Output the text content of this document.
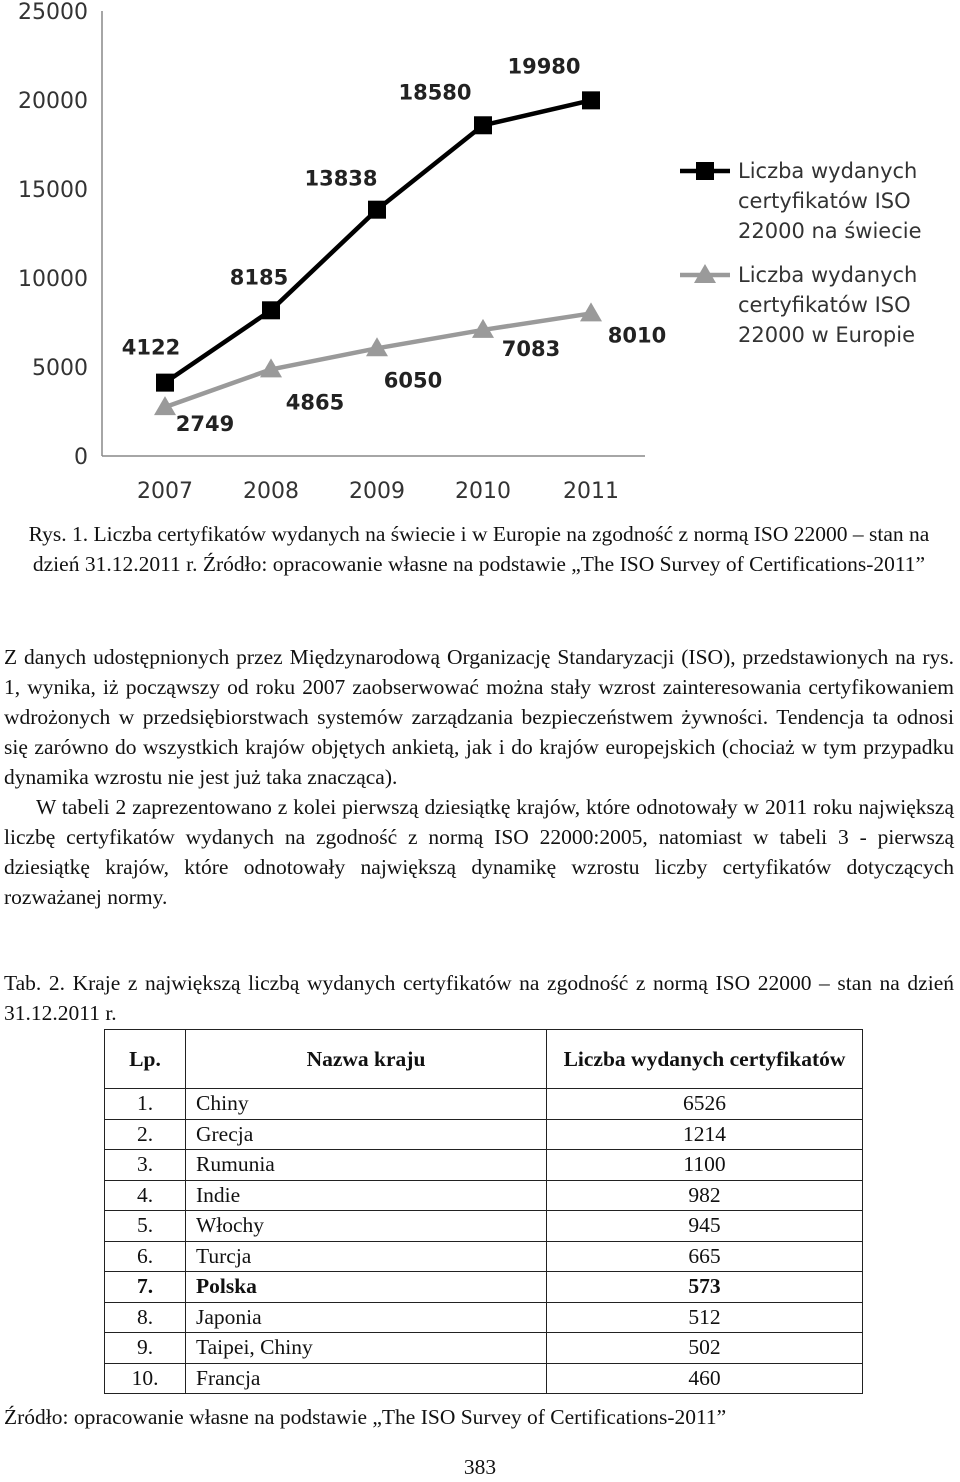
0
5000
10000
15000
20000
25000
2007 2008 2009 2010 2011
4122
8185
13838
18580
19980
2749
4865
6050
7083
8010
Liczba wydanych
certyfikatów ISO
22000 na świecie
Liczba wydanych
certyfikatów ISO
22000 w Europie
Rys. 1. Liczba certyfikatów wydanych na świecie i w Europie na zgodność z normą ISO 22000 – stan na dzień 31.12.2011 r. Źródło: opracowanie własne na podstawie „The ISO Survey of Certifications-2011”

Z danych udostępnionych przez Międzynarodową Organizację Standaryzacji (ISO), przedstawionych na rys. 1, wynika, iż począwszy od roku 2007 zaobserwować można stały wzrost zainteresowania certyfikowaniem wdrożonych w przedsiębiorstwach systemów zarządzania bezpieczeństwem żywności. Tendencja ta odnosi się zarówno do wszystkich krajów objętych ankietą, jak i do krajów europejskich (chociaż w tym przypadku dynamika wzrostu nie jest już taka znacząca).

W tabeli 2 zaprezentowano z kolei pierwszą dziesiątkę krajów, które odnotowały w 2011 roku największą liczbę certyfikatów wydanych na zgodność z normą ISO 22000:2005, natomiast w tabeli 3 - pierwszą dziesiątkę krajów, które odnotowały największą dynamikę wzrostu liczby certyfikatów dotyczących rozważanej normy.

Tab. 2. Kraje z największą liczbą wydanych certyfikatów na zgodność z normą ISO 22000 – stan na dzień 31.12.2011 r.
Lp.	Nazwa kraju	Liczba wydanych certyfikatów
1.	Chiny	6526
2.	Grecja	1214
3.	Rumunia	1100
4.	Indie	982
5.	Włochy	945
6.	Turcja	665
7.	Polska	573
8.	Japonia	512
9.	Taipei, Chiny	502
10.	Francja	460
Źródło: opracowanie własne na podstawie „The ISO Survey of Certifications-2011”
383
